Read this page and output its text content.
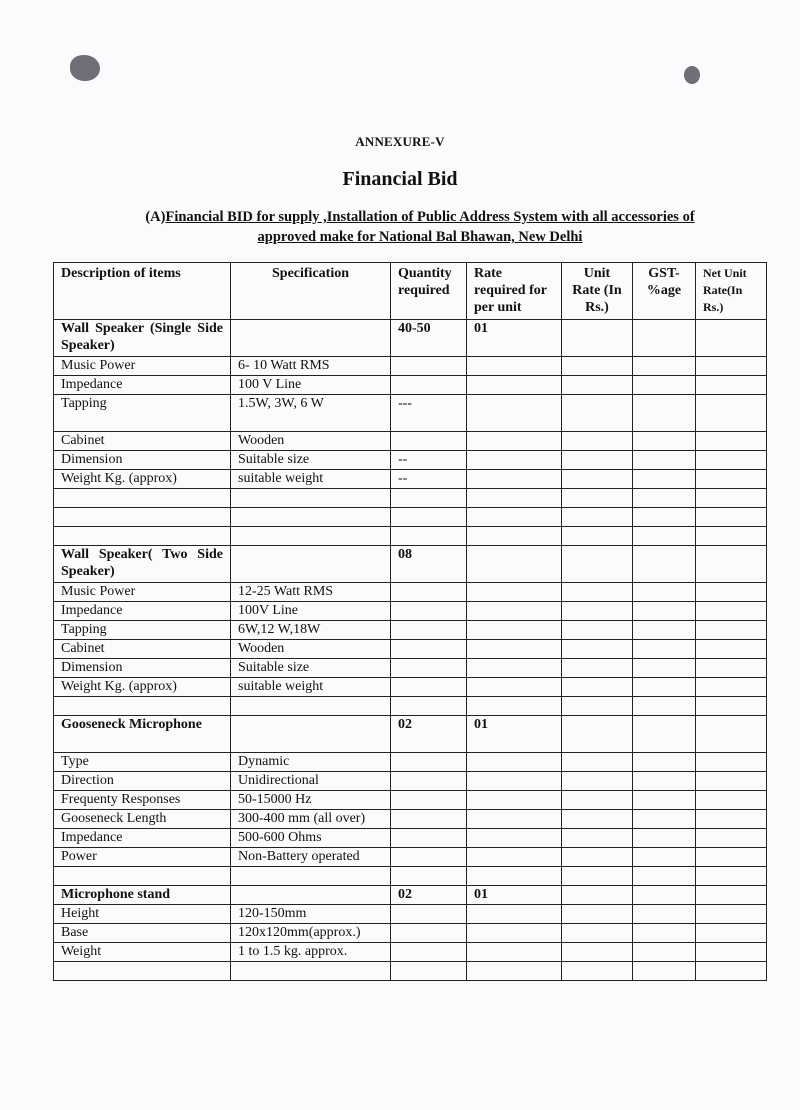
ANNEXURE-V
Financial Bid
(A)Financial BID for supply ,Installation of Public Address System with all accessories of
approved make for National Bal Bhawan, New Delhi
Description of items	Specification	Quantity required	Rate required for per unit	Unit Rate (In Rs.)	GST-%age	Net Unit Rate(In Rs.)
Wall Speaker (Single Side Speaker)		40-50	01			
Music Power	6- 10 Watt RMS					
Impedance	100 V Line					
Tapping	1.5W, 3W, 6 W	---				
Cabinet	Wooden					
Dimension	Suitable size	--				
Weight Kg. (approx)	suitable weight	--				

Wall Speaker( Two Side Speaker)		08				
Music Power	12-25 Watt RMS					
Impedance	100V Line					
Tapping	6W,12 W,18W					
Cabinet	Wooden					
Dimension	Suitable size					
Weight Kg. (approx)	suitable weight					

Gooseneck Microphone		02	01			
Type	Dynamic					
Direction	Unidirectional					
Frequenty Responses	50-15000 Hz					
Gooseneck Length	300-400 mm (all over)					
Impedance	500-600 Ohms					
Power	Non-Battery operated					

Microphone stand		02	01			
Height	120-150mm					
Base	120x120mm(approx.)					
Weight	1 to 1.5 kg. approx.					
